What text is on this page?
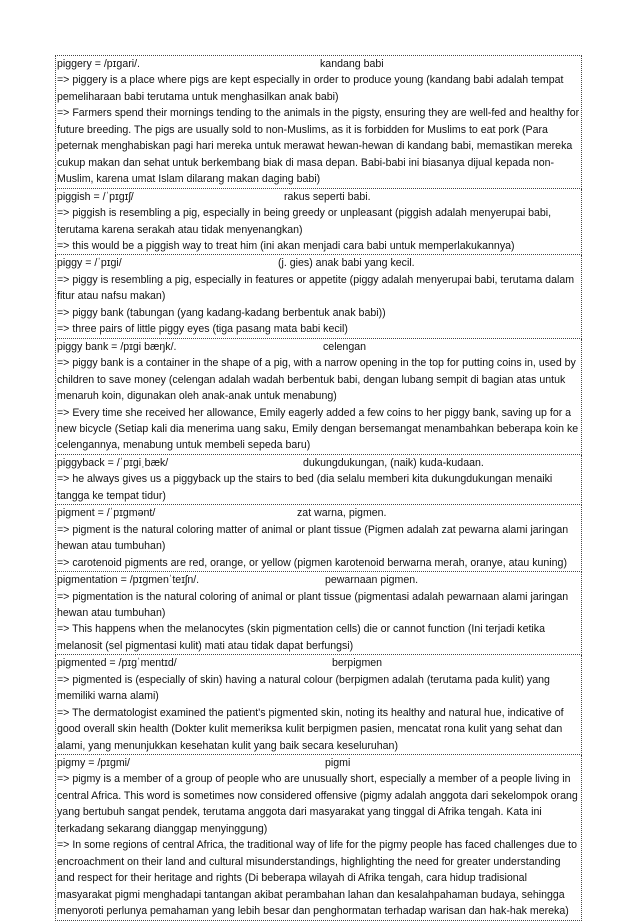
piggery = /pɪɡari/.	kandang babi
=> piggery is a place where pigs are kept especially in order to produce young (kandang babi adalah tempat pemeliharaan babi terutama untuk menghasilkan anak babi)
=> Farmers spend their mornings tending to the animals in the pigsty, ensuring they are well-fed and healthy for future breeding. The pigs are usually sold to non-Muslims, as it is forbidden for Muslims to eat pork (Para peternak menghabiskan pagi hari mereka untuk merawat hewan-hewan di kandang babi, memastikan mereka cukup makan dan sehat untuk berkembang biak di masa depan. Babi-babi ini biasanya dijual kepada non-Muslim, karena umat Islam dilarang makan daging babi)

piggish = /ˈpɪɡɪʃ/	rakus seperti babi.
=> piggish is resembling a pig, especially in being greedy or unpleasant (piggish adalah menyerupai babi, terutama karena serakah atau tidak menyenangkan)
=> this would be a piggish way to treat him (ini akan menjadi cara babi untuk memperlakukannya)

piggy = /ˈpɪɡi/	(j. gies) anak babi yang kecil.
=> piggy is resembling a pig, especially in features or appetite (piggy adalah menyerupai babi, terutama dalam fitur atau nafsu makan)
=> piggy bank (tabungan (yang kadang-kadang berbentuk anak babi))
=> three pairs of little piggy eyes (tiga pasang mata babi kecil)

piggy bank = /pɪɡi bæŋk/.	celengan
=> piggy bank is a container in the shape of a pig, with a narrow opening in the top for putting coins in, used by children to save money (celengan adalah wadah berbentuk babi, dengan lubang sempit di bagian atas untuk menaruh koin, digunakan oleh anak-anak untuk menabung)
=> Every time she received her allowance, Emily eagerly added a few coins to her piggy bank, saving up for a new bicycle (Setiap kali dia menerima uang saku, Emily dengan bersemangat menambahkan beberapa koin ke celengannya, menabung untuk membeli sepeda baru)

piggyback = /ˈpɪɡiˌbæk/	dukungdukungan, (naik) kuda-kudaan.
=> he always gives us a piggyback up the stairs to bed (dia selalu memberi kita dukungdukungan menaiki tangga ke tempat tidur)

pigment = /ˈpɪɡmənt/	zat warna, pigmen.
=> pigment is the natural coloring matter of animal or plant tissue (Pigmen adalah zat pewarna alami jaringan hewan atau tumbuhan)
=> carotenoid pigments are red, orange, or yellow (pigmen karotenoid berwarna merah, oranye, atau kuning)

pigmentation = /pɪɡmenˈteɪʃn/.	pewarnaan pigmen.
=> pigmentation is the natural coloring of animal or plant tissue (pigmentasi adalah pewarnaan alami jaringan hewan atau tumbuhan)
=> This happens when the melanocytes (skin pigmentation cells) die or cannot function (Ini terjadi ketika melanosit (sel pigmentasi kulit) mati atau tidak dapat berfungsi)

pigmented = /pɪɡˈmentɪd/	berpigmen
=> pigmented is (especially of skin) having a natural colour (berpigmen adalah (terutama pada kulit) yang memiliki warna alami)
=> The dermatologist examined the patient's pigmented skin, noting its healthy and natural hue, indicative of good overall skin health (Dokter kulit memeriksa kulit berpigmen pasien, mencatat rona kulit yang sehat dan alami, yang menunjukkan kesehatan kulit yang baik secara keseluruhan)

pigmy = /pɪɡmi/	pigmi
=> pigmy is a member of a group of people who are unusually short, especially a member of a people living in central Africa. This word is sometimes now considered offensive (pigmy adalah anggota dari sekelompok orang yang bertubuh sangat pendek, terutama anggota dari masyarakat yang tinggal di Afrika tengah. Kata ini terkadang sekarang dianggap menyinggung)
=> In some regions of central Africa, the traditional way of life for the pigmy people has faced challenges due to encroachment on their land and cultural misunderstandings, highlighting the need for greater understanding and respect for their heritage and rights (Di beberapa wilayah di Afrika tengah, cara hidup tradisional masyarakat pigmi menghadapi tantangan akibat perambahan lahan dan kesalahpahaman budaya, sehingga menyoroti perlunya pemahaman yang lebih besar dan penghormatan terhadap warisan dan hak-hak mereka)
